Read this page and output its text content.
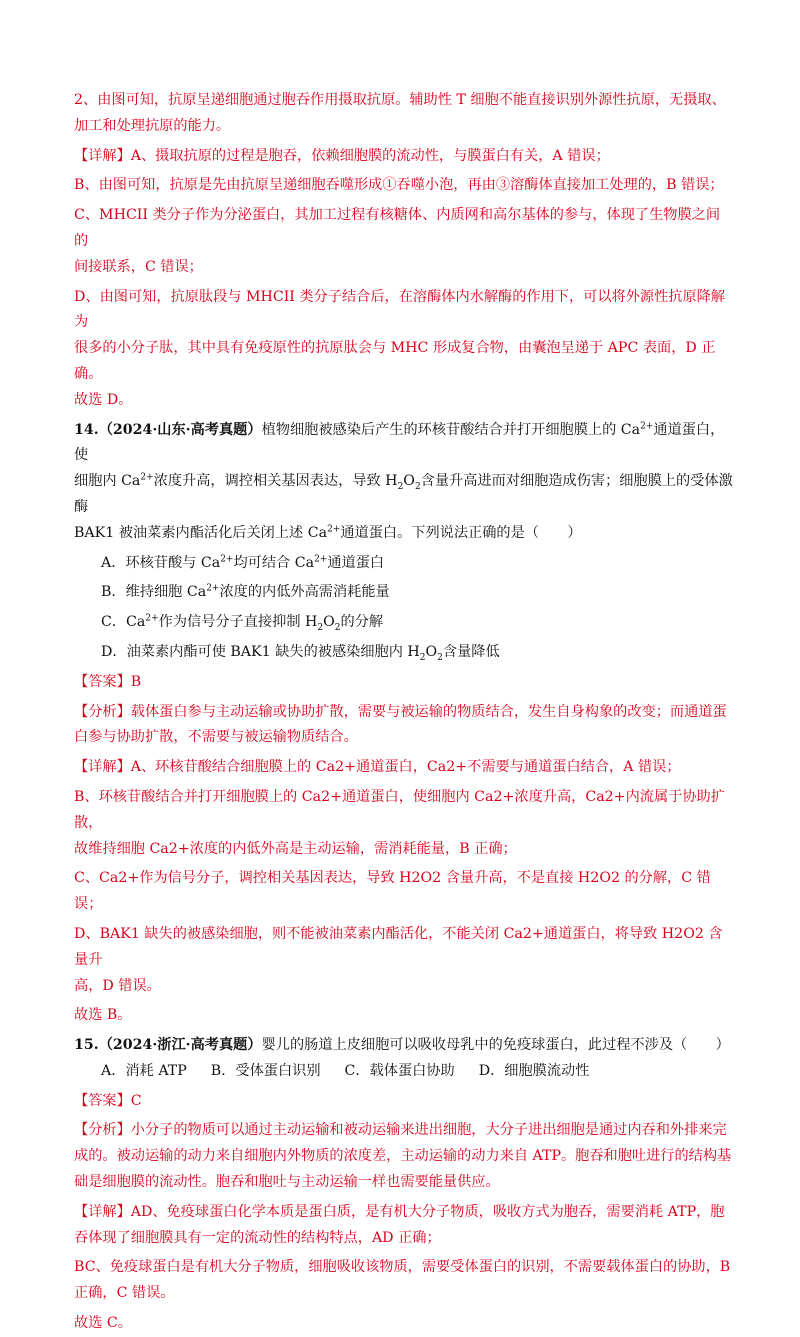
2、由图可知，抗原呈递细胞通过胞吞作用摄取抗原。辅助性 T 细胞不能直接识别外源性抗原，无摄取、

加工和处理抗原的能力。

【详解】A、摄取抗原的过程是胞吞，依赖细胞膜的流动性，与膜蛋白有关，A 错误；

B、由图可知，抗原是先由抗原呈递细胞吞噬形成①吞噬小泡，再由③溶酶体直接加工处理的，B 错误；

C、MHCII 类分子作为分泌蛋白，其加工过程有核糖体、内质网和高尔基体的参与，体现了生物膜之间的

间接联系，C 错误；

D、由图可知，抗原肽段与 MHCII 类分子结合后，在溶酶体内水解酶的作用下，可以将外源性抗原降解为

很多的小分子肽，其中具有免疫原性的抗原肽会与 MHC 形成复合物，由囊泡呈递于 APC 表面，D 正确。

故选 D。

14.（2024·山东·高考真题）植物细胞被感染后产生的环核苷酸结合并打开细胞膜上的 $Ca^{2+}$通道蛋白，使

细胞内 $Ca^{2+}$浓度升高，调控相关基因表达，导致 $H_2O_2$含量升高进而对细胞造成伤害；细胞膜上的受体激酶

BAK1 被油菜素内酯活化后关闭上述 $Ca^{2+}$通道蛋白。下列说法正确的是（　　）

A．环核苷酸与 $Ca^{2+}$均可结合 $Ca^{2+}$通道蛋白

B．维持细胞 $Ca^{2+}$浓度的内低外高需消耗能量

C．$Ca^{2+}$作为信号分子直接抑制 $H_2O_2$的分解

D．油菜素内酯可使 BAK1 缺失的被感染细胞内 $H_2O_2$含量降低

【答案】B

【分析】载体蛋白参与主动运输或协助扩散，需要与被运输的物质结合，发生自身构象的改变；而通道蛋

白参与协助扩散，不需要与被运输物质结合。

【详解】A、环核苷酸结合细胞膜上的 Ca2+通道蛋白，Ca2+不需要与通道蛋白结合，A 错误；

B、环核苷酸结合并打开细胞膜上的 Ca2+通道蛋白，使细胞内 Ca2+浓度升高，Ca2+内流属于协助扩散，

故维持细胞 Ca2+浓度的内低外高是主动运输，需消耗能量，B 正确；

C、Ca2+作为信号分子，调控相关基因表达，导致 H2O2 含量升高，不是直接 H2O2 的分解，C 错误；

D、BAK1 缺失的被感染细胞，则不能被油菜素内酯活化，不能关闭 Ca2+通道蛋白，将导致 H2O2 含量升

高，D 错误。

故选 B。

15.（2024·浙江·高考真题）婴儿的肠道上皮细胞可以吸收母乳中的免疫球蛋白，此过程不涉及（　　）

A．消耗 ATP B．受体蛋白识别 C．载体蛋白协助 D．细胞膜流动性

【答案】C

【分析】小分子的物质可以通过主动运输和被动运输来进出细胞，大分子进出细胞是通过内吞和外排来完

成的。被动运输的动力来自细胞内外物质的浓度差，主动运输的动力来自 ATP。胞吞和胞吐进行的结构基

础是细胞膜的流动性。胞吞和胞吐与主动运输一样也需要能量供应。

【详解】AD、免疫球蛋白化学本质是蛋白质，是有机大分子物质，吸收方式为胞吞，需要消耗 ATP，胞

吞体现了细胞膜具有一定的流动性的结构特点，AD 正确；

BC、免疫球蛋白是有机大分子物质，细胞吸收该物质，需要受体蛋白的识别，不需要载体蛋白的协助，B

正确，C 错误。

故选 C。
